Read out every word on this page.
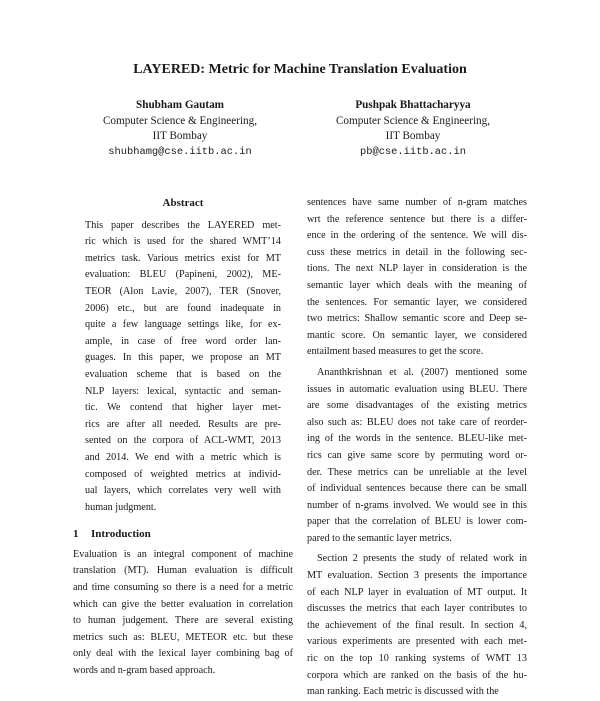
LAYERED: Metric for Machine Translation Evaluation
Shubham Gautam
Computer Science & Engineering,
IIT Bombay
shubhamg@cse.iitb.ac.in
Pushpak Bhattacharyya
Computer Science & Engineering,
IIT Bombay
pb@cse.iitb.ac.in
Abstract
This paper describes the LAYERED met-
ric which is used for the shared WMT’14
metrics task. Various metrics exist for MT
evaluation: BLEU (Papineni, 2002), ME-
TEOR (Alon Lavie, 2007), TER (Snover,
2006) etc., but are found inadequate in
quite a few language settings like, for ex-
ample, in case of free word order lan-
guages. In this paper, we propose an MT
evaluation scheme that is based on the
NLP layers: lexical, syntactic and seman-
tic. We contend that higher layer met-
rics are after all needed. Results are pre-
sented on the corpora of ACL-WMT, 2013
and 2014. We end with a metric which is
composed of weighted metrics at individ-
ual layers, which correlates very well with
human judgment.
1 Introduction
Evaluation is an integral component of machine
translation (MT). Human evaluation is difficult
and time consuming so there is a need for a metric
which can give the better evaluation in correlation
to human judgement. There are several existing
metrics such as: BLEU, METEOR etc. but these
only deal with the lexical layer combining bag of
words and n-gram based approach.
sentences have same number of n-gram matches
wrt the reference sentence but there is a differ-
ence in the ordering of the sentence. We will dis-
cuss these metrics in detail in the following sec-
tions. The next NLP layer in consideration is the
semantic layer which deals with the meaning of
the sentences. For semantic layer, we considered
two metrics: Shallow semantic score and Deep se-
mantic score. On semantic layer, we considered
entailment based measures to get the score.
Ananthkrishnan et al. (2007) mentioned some
issues in automatic evaluation using BLEU. There
are some disadvantages of the existing metrics
also such as: BLEU does not take care of reorder-
ing of the words in the sentence. BLEU-like met-
rics can give same score by permuting word or-
der. These metrics can be unreliable at the level
of individual sentences because there can be small
number of n-grams involved. We would see in this
paper that the correlation of BLEU is lower com-
pared to the semantic layer metrics.
Section 2 presents the study of related work in
MT evaluation. Section 3 presents the importance
of each NLP layer in evaluation of MT output. It
discusses the metrics that each layer contributes to
the achievement of the final result. In section 4,
various experiments are presented with each met-
ric on the top 10 ranking systems of WMT 13
corpora which are ranked on the basis of the hu-
man ranking. Each metric is discussed with the
